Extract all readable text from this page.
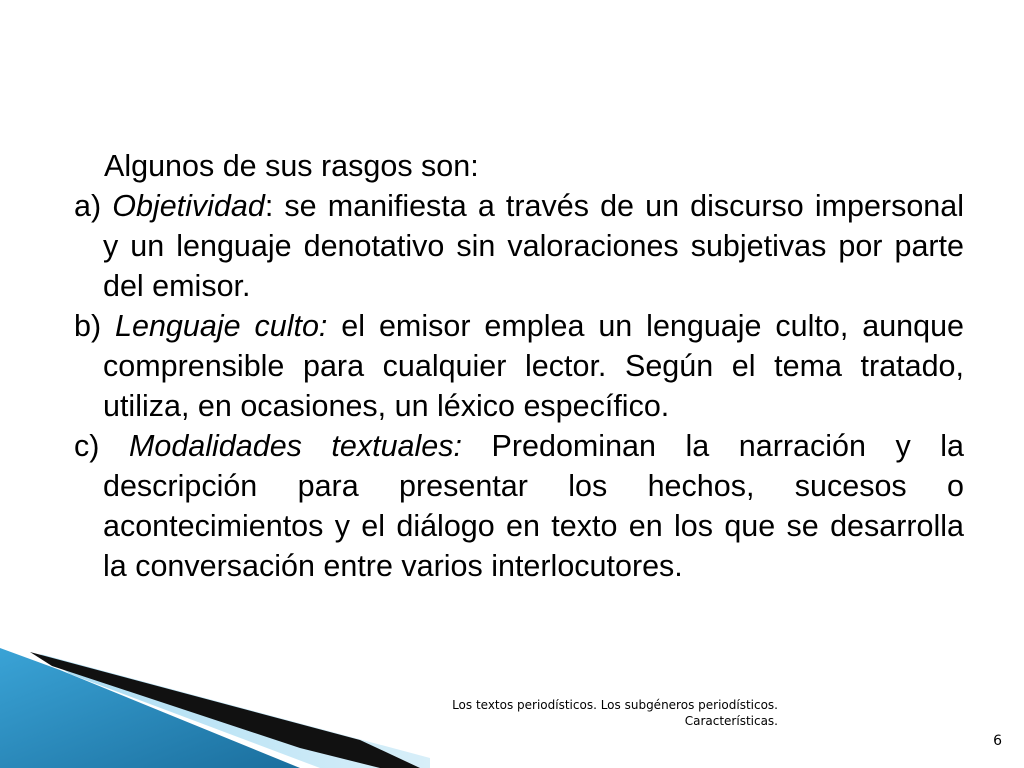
Algunos de sus rasgos son:

a) Objetividad: se manifiesta a través de un discurso impersonal y un lenguaje denotativo sin valoraciones subjetivas por parte del emisor.

b) Lenguaje culto: el emisor emplea un lenguaje culto, aunque comprensible para cualquier lector. Según el tema tratado, utiliza, en ocasiones, un léxico específico.

c) Modalidades textuales: Predominan la narración y la descripción para presentar los hechos, sucesos o acontecimientos y el diálogo en texto en los que se desarrolla la conversación entre varios interlocutores.

Los textos periodísticos. Los subgéneros periodísticos.
Características.
6
